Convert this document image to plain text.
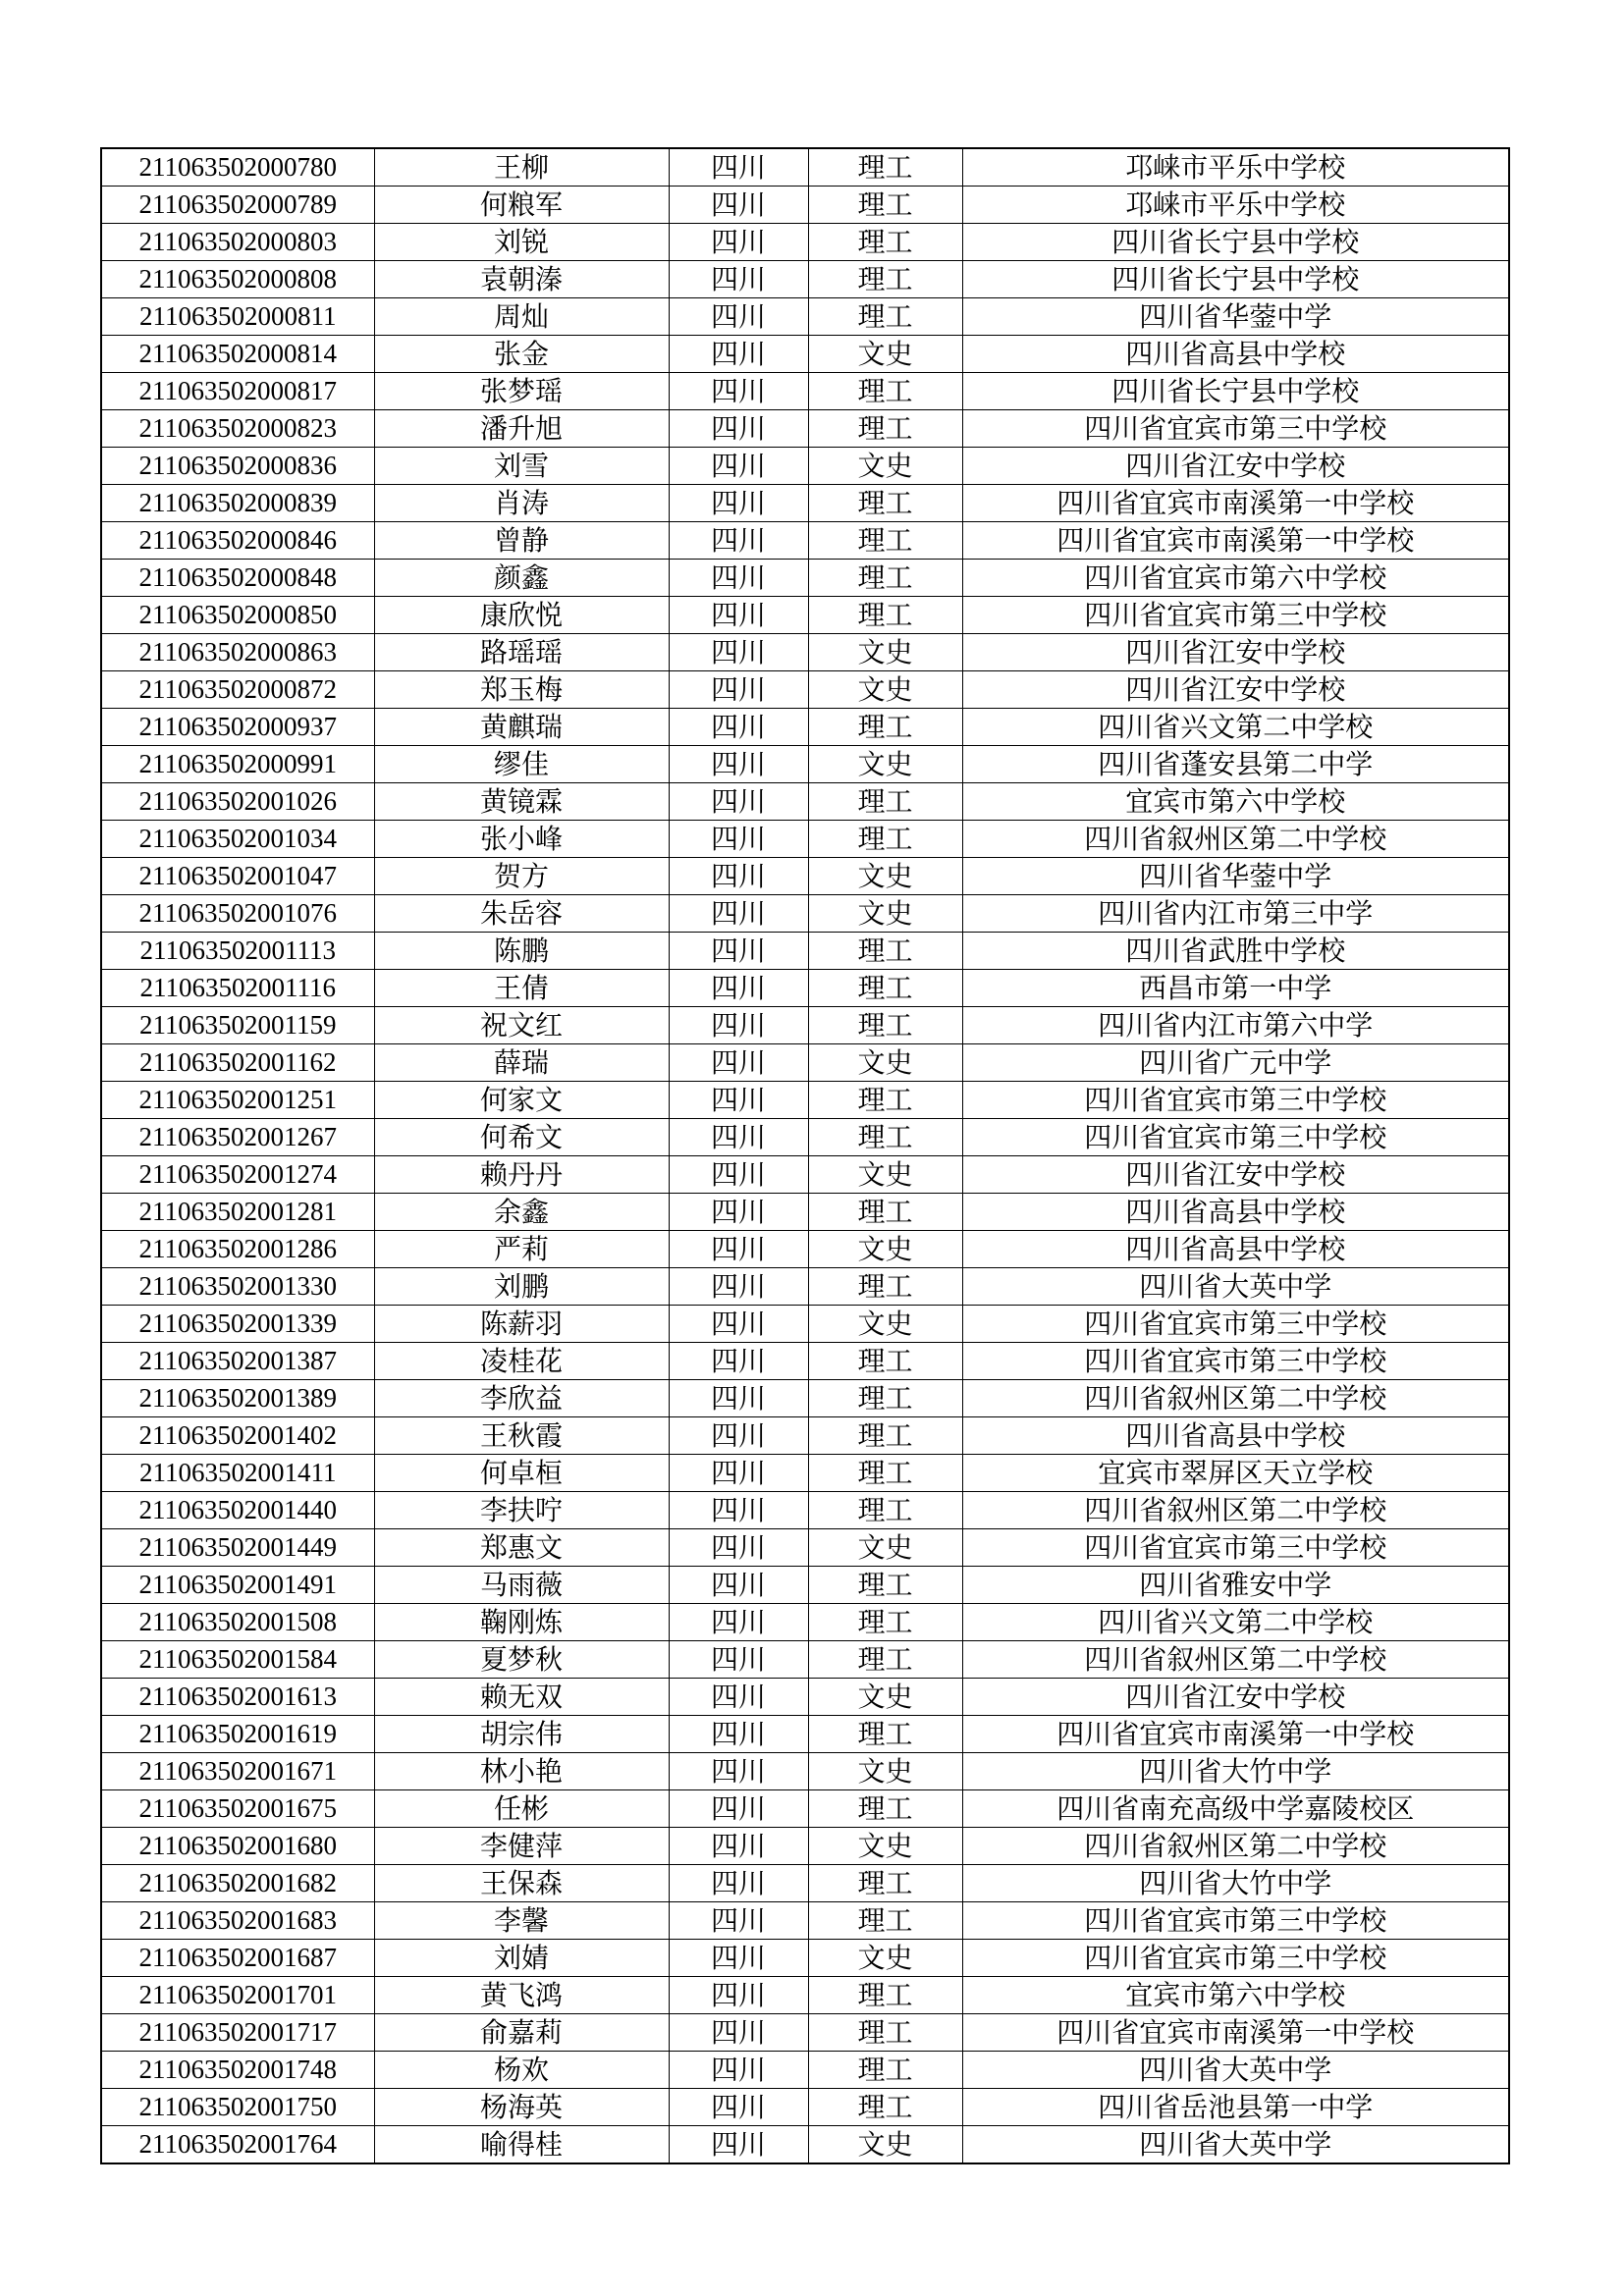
211063502000780	王柳	四川	理工	邛崃市平乐中学校
211063502000789	何粮军	四川	理工	邛崃市平乐中学校
211063502000803	刘锐	四川	理工	四川省长宁县中学校
211063502000808	袁朝溱	四川	理工	四川省长宁县中学校
211063502000811	周灿	四川	理工	四川省华蓥中学
211063502000814	张金	四川	文史	四川省高县中学校
211063502000817	张梦瑶	四川	理工	四川省长宁县中学校
211063502000823	潘升旭	四川	理工	四川省宜宾市第三中学校
211063502000836	刘雪	四川	文史	四川省江安中学校
211063502000839	肖涛	四川	理工	四川省宜宾市南溪第一中学校
211063502000846	曾静	四川	理工	四川省宜宾市南溪第一中学校
211063502000848	颜鑫	四川	理工	四川省宜宾市第六中学校
211063502000850	康欣悦	四川	理工	四川省宜宾市第三中学校
211063502000863	路瑶瑶	四川	文史	四川省江安中学校
211063502000872	郑玉梅	四川	文史	四川省江安中学校
211063502000937	黄麒瑞	四川	理工	四川省兴文第二中学校
211063502000991	缪佳	四川	文史	四川省蓬安县第二中学
211063502001026	黄镜霖	四川	理工	宜宾市第六中学校
211063502001034	张小峰	四川	理工	四川省叙州区第二中学校
211063502001047	贺方	四川	文史	四川省华蓥中学
211063502001076	朱岳容	四川	文史	四川省内江市第三中学
211063502001113	陈鹏	四川	理工	四川省武胜中学校
211063502001116	王倩	四川	理工	西昌市第一中学
211063502001159	祝文红	四川	理工	四川省内江市第六中学
211063502001162	薛瑞	四川	文史	四川省广元中学
211063502001251	何家文	四川	理工	四川省宜宾市第三中学校
211063502001267	何希文	四川	理工	四川省宜宾市第三中学校
211063502001274	赖丹丹	四川	文史	四川省江安中学校
211063502001281	余鑫	四川	理工	四川省高县中学校
211063502001286	严莉	四川	文史	四川省高县中学校
211063502001330	刘鹏	四川	理工	四川省大英中学
211063502001339	陈薪羽	四川	文史	四川省宜宾市第三中学校
211063502001387	凌桂花	四川	理工	四川省宜宾市第三中学校
211063502001389	李欣益	四川	理工	四川省叙州区第二中学校
211063502001402	王秋霞	四川	理工	四川省高县中学校
211063502001411	何卓桓	四川	理工	宜宾市翠屏区天立学校
211063502001440	李扶咛	四川	理工	四川省叙州区第二中学校
211063502001449	郑惠文	四川	文史	四川省宜宾市第三中学校
211063502001491	马雨薇	四川	理工	四川省雅安中学
211063502001508	鞠刚炼	四川	理工	四川省兴文第二中学校
211063502001584	夏梦秋	四川	理工	四川省叙州区第二中学校
211063502001613	赖无双	四川	文史	四川省江安中学校
211063502001619	胡宗伟	四川	理工	四川省宜宾市南溪第一中学校
211063502001671	林小艳	四川	文史	四川省大竹中学
211063502001675	任彬	四川	理工	四川省南充高级中学嘉陵校区
211063502001680	李健萍	四川	文史	四川省叙州区第二中学校
211063502001682	王保森	四川	理工	四川省大竹中学
211063502001683	李馨	四川	理工	四川省宜宾市第三中学校
211063502001687	刘婧	四川	文史	四川省宜宾市第三中学校
211063502001701	黄飞鸿	四川	理工	宜宾市第六中学校
211063502001717	俞嘉莉	四川	理工	四川省宜宾市南溪第一中学校
211063502001748	杨欢	四川	理工	四川省大英中学
211063502001750	杨海英	四川	理工	四川省岳池县第一中学
211063502001764	喻得桂	四川	文史	四川省大英中学
